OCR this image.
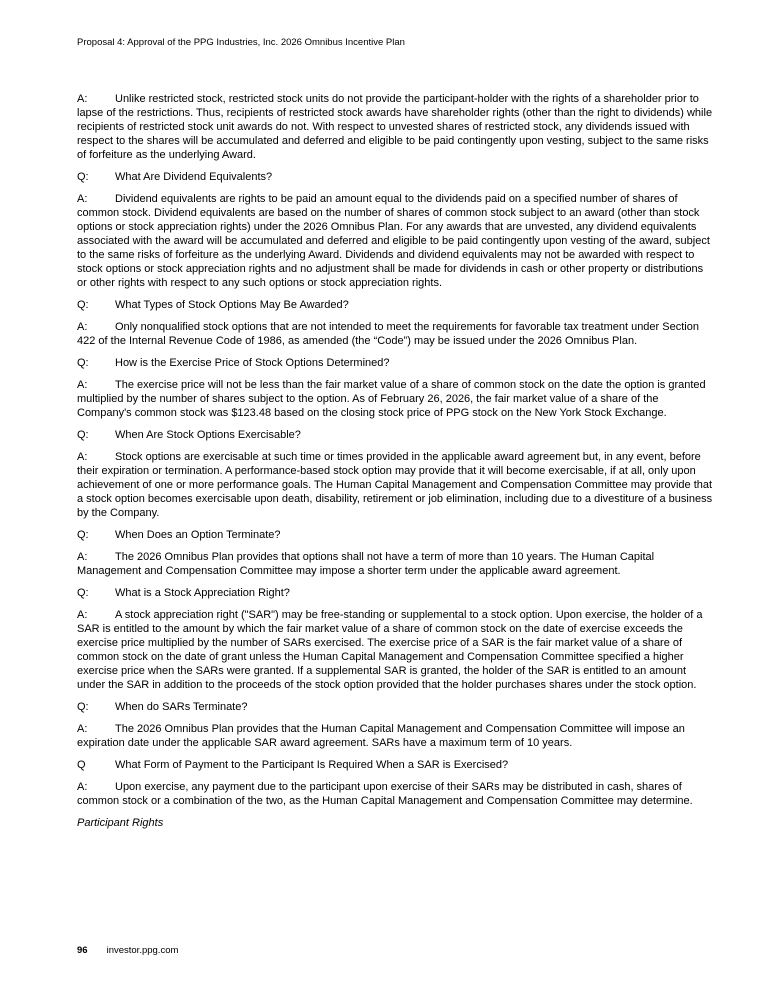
Proposal 4: Approval of the PPG Industries, Inc. 2026 Omnibus Incentive Plan

A:	Unlike restricted stock, restricted stock units do not provide the participant-holder with the rights of a shareholder prior to lapse of the restrictions. Thus, recipients of restricted stock awards have shareholder rights (other than the right to dividends) while recipients of restricted stock unit awards do not. With respect to unvested shares of restricted stock, any dividends issued with respect to the shares will be accumulated and deferred and eligible to be paid contingently upon vesting, subject to the same risks of forfeiture as the underlying Award.

Q: What Are Dividend Equivalents?

A:	Dividend equivalents are rights to be paid an amount equal to the dividends paid on a specified number of shares of common stock. Dividend equivalents are based on the number of shares of common stock subject to an award (other than stock options or stock appreciation rights) under the 2026 Omnibus Plan. For any awards that are unvested, any dividend equivalents associated with the award will be accumulated and deferred and eligible to be paid contingently upon vesting of the award, subject to the same risks of forfeiture as the underlying Award. Dividends and dividend equivalents may not be awarded with respect to stock options or stock appreciation rights and no adjustment shall be made for dividends in cash or other property or distributions or other rights with respect to any such options or stock appreciation rights.

Q: What Types of Stock Options May Be Awarded?

A:	Only nonqualified stock options that are not intended to meet the requirements for favorable tax treatment under Section 422 of the Internal Revenue Code of 1986, as amended (the “Code”) may be issued under the 2026 Omnibus Plan.

Q: How is the Exercise Price of Stock Options Determined?

A:	The exercise price will not be less than the fair market value of a share of common stock on the date the option is granted multiplied by the number of shares subject to the option. As of February 26, 2026, the fair market value of a share of the Company's common stock was $123.48 based on the closing stock price of PPG stock on the New York Stock Exchange.

Q: When Are Stock Options Exercisable?

A:	Stock options are exercisable at such time or times provided in the applicable award agreement but, in any event, before their expiration or termination. A performance-based stock option may provide that it will become exercisable, if at all, only upon achievement of one or more performance goals. The Human Capital Management and Compensation Committee may provide that a stock option becomes exercisable upon death, disability, retirement or job elimination, including due to a divestiture of a business by the Company.

Q: When Does an Option Terminate?

A:	The 2026 Omnibus Plan provides that options shall not have a term of more than 10 years. The Human Capital Management and Compensation Committee may impose a shorter term under the applicable award agreement.

Q: What is a Stock Appreciation Right?

A:	A stock appreciation right ("SAR") may be free-standing or supplemental to a stock option. Upon exercise, the holder of a SAR is entitled to the amount by which the fair market value of a share of common stock on the date of exercise exceeds the exercise price multiplied by the number of SARs exercised. The exercise price of a SAR is the fair market value of a share of common stock on the date of grant unless the Human Capital Management and Compensation Committee specified a higher exercise price when the SARs were granted. If a supplemental SAR is granted, the holder of the SAR is entitled to an amount under the SAR in addition to the proceeds of the stock option provided that the holder purchases shares under the stock option.

Q: When do SARs Terminate?

A:	The 2026 Omnibus Plan provides that the Human Capital Management and Compensation Committee will impose an expiration date under the applicable SAR award agreement. SARs have a maximum term of 10 years.

Q	What Form of Payment to the Participant Is Required When a SAR is Exercised?

A:	Upon exercise, any payment due to the participant upon exercise of their SARs may be distributed in cash, shares of common stock or a combination of the two, as the Human Capital Management and Compensation Committee may determine.

Participant Rights

96 investor.ppg.com
